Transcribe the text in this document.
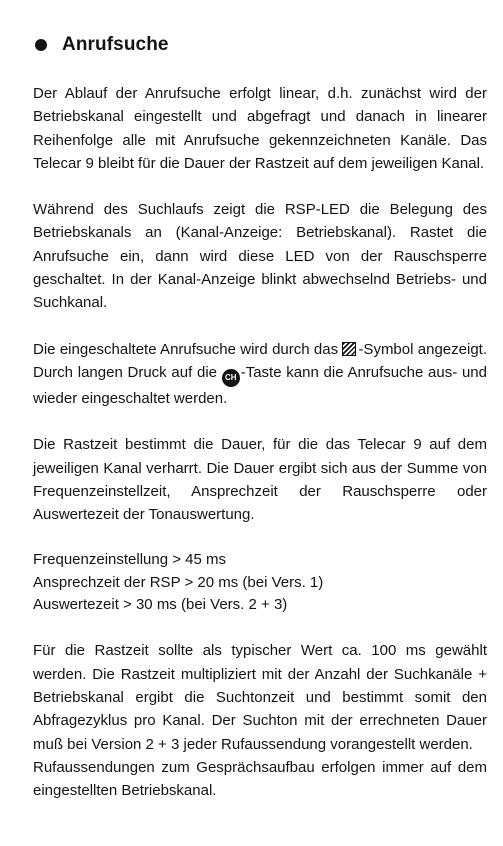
Anrufsuche

Der Ablauf der Anrufsuche erfolgt linear, d.h. zunächst wird der Betriebskanal eingestellt und abgefragt und danach in linearer Reihenfolge alle mit Anrufsuche gekennzeichneten Kanäle. Das Telecar 9 bleibt für die Dauer der Rastzeit auf dem jeweiligen Kanal.

Während des Suchlaufs zeigt die RSP-LED die Belegung des Betriebskanals an (Kanal-Anzeige: Betriebskanal). Rastet die Anrufsuche ein, dann wird diese LED von der Rauschsperre geschaltet. In der Kanal-Anzeige blinkt abwechselnd Betriebs- und Suchkanal.

Die eingeschaltete Anrufsuche wird durch das -Symbol angezeigt. Durch langen Druck auf die CH -Taste kann die Anrufsuche aus- und wieder eingeschaltet werden.

Die Rastzeit bestimmt die Dauer, für die das Telecar 9 auf dem jeweiligen Kanal verharrt. Die Dauer ergibt sich aus der Summe von Frequenzeinstellzeit, Ansprechzeit der Rauschsperre oder Auswertezeit der Tonauswertung.

Frequenzeinstellung > 45 ms

Ansprechzeit der RSP > 20 ms (bei Vers. 1)

Auswertezeit > 30 ms (bei Vers. 2 + 3)

Für die Rastzeit sollte als typischer Wert ca. 100 ms gewählt werden. Die Rastzeit multipliziert mit der Anzahl der Suchkanäle + Betriebskanal ergibt die Suchtonzeit und bestimmt somit den Abfragezyklus pro Kanal. Der Suchton mit der errechneten Dauer muß bei Version 2 + 3 jeder Rufaussendung vorangestellt werden.

Rufaussendungen zum Gesprächsaufbau erfolgen immer auf dem eingestellten Betriebskanal.
